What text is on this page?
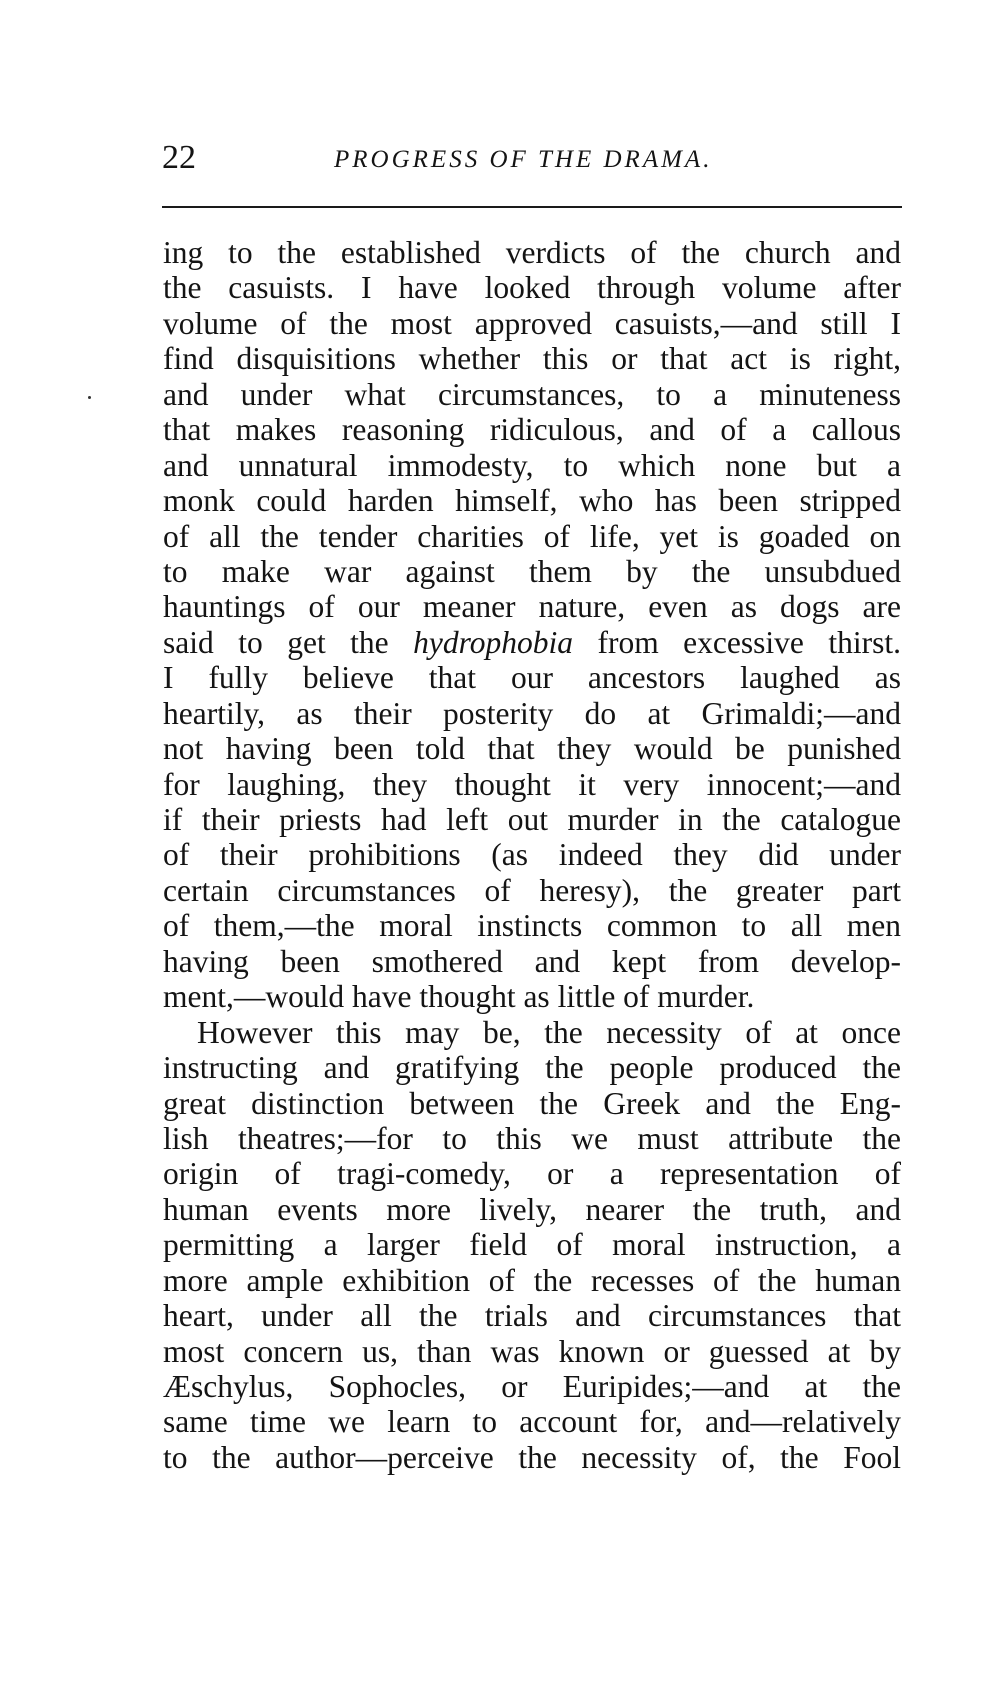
22	PROGRESS OF THE DRAMA.
ing to the established verdicts of the church and
the casuists. I have looked through volume after
volume of the most approved casuists,—and still I
find disquisitions whether this or that act is right,
and under what circumstances, to a minuteness
that makes reasoning ridiculous, and of a callous
and unnatural immodesty, to which none but a
monk could harden himself, who has been stripped
of all the tender charities of life, yet is goaded on
to make war against them by the unsubdued
hauntings of our meaner nature, even as dogs are
said to get the hydrophobia from excessive thirst.
I fully believe that our ancestors laughed as
heartily, as their posterity do at Grimaldi;—and
not having been told that they would be punished
for laughing, they thought it very innocent;—and
if their priests had left out murder in the catalogue
of their prohibitions (as indeed they did under
certain circumstances of heresy), the greater part
of them,—the moral instincts common to all men
having been smothered and kept from develop-
ment,—would have thought as little of murder.
However this may be, the necessity of at once
instructing and gratifying the people produced the
great distinction between the Greek and the Eng-
lish theatres;—for to this we must attribute the
origin of tragi-comedy, or a representation of
human events more lively, nearer the truth, and
permitting a larger field of moral instruction, a
more ample exhibition of the recesses of the human
heart, under all the trials and circumstances that
most concern us, than was known or guessed at by
Æschylus, Sophocles, or Euripides;—and at the
same time we learn to account for, and—relatively
to the author—perceive the necessity of, the Fool
